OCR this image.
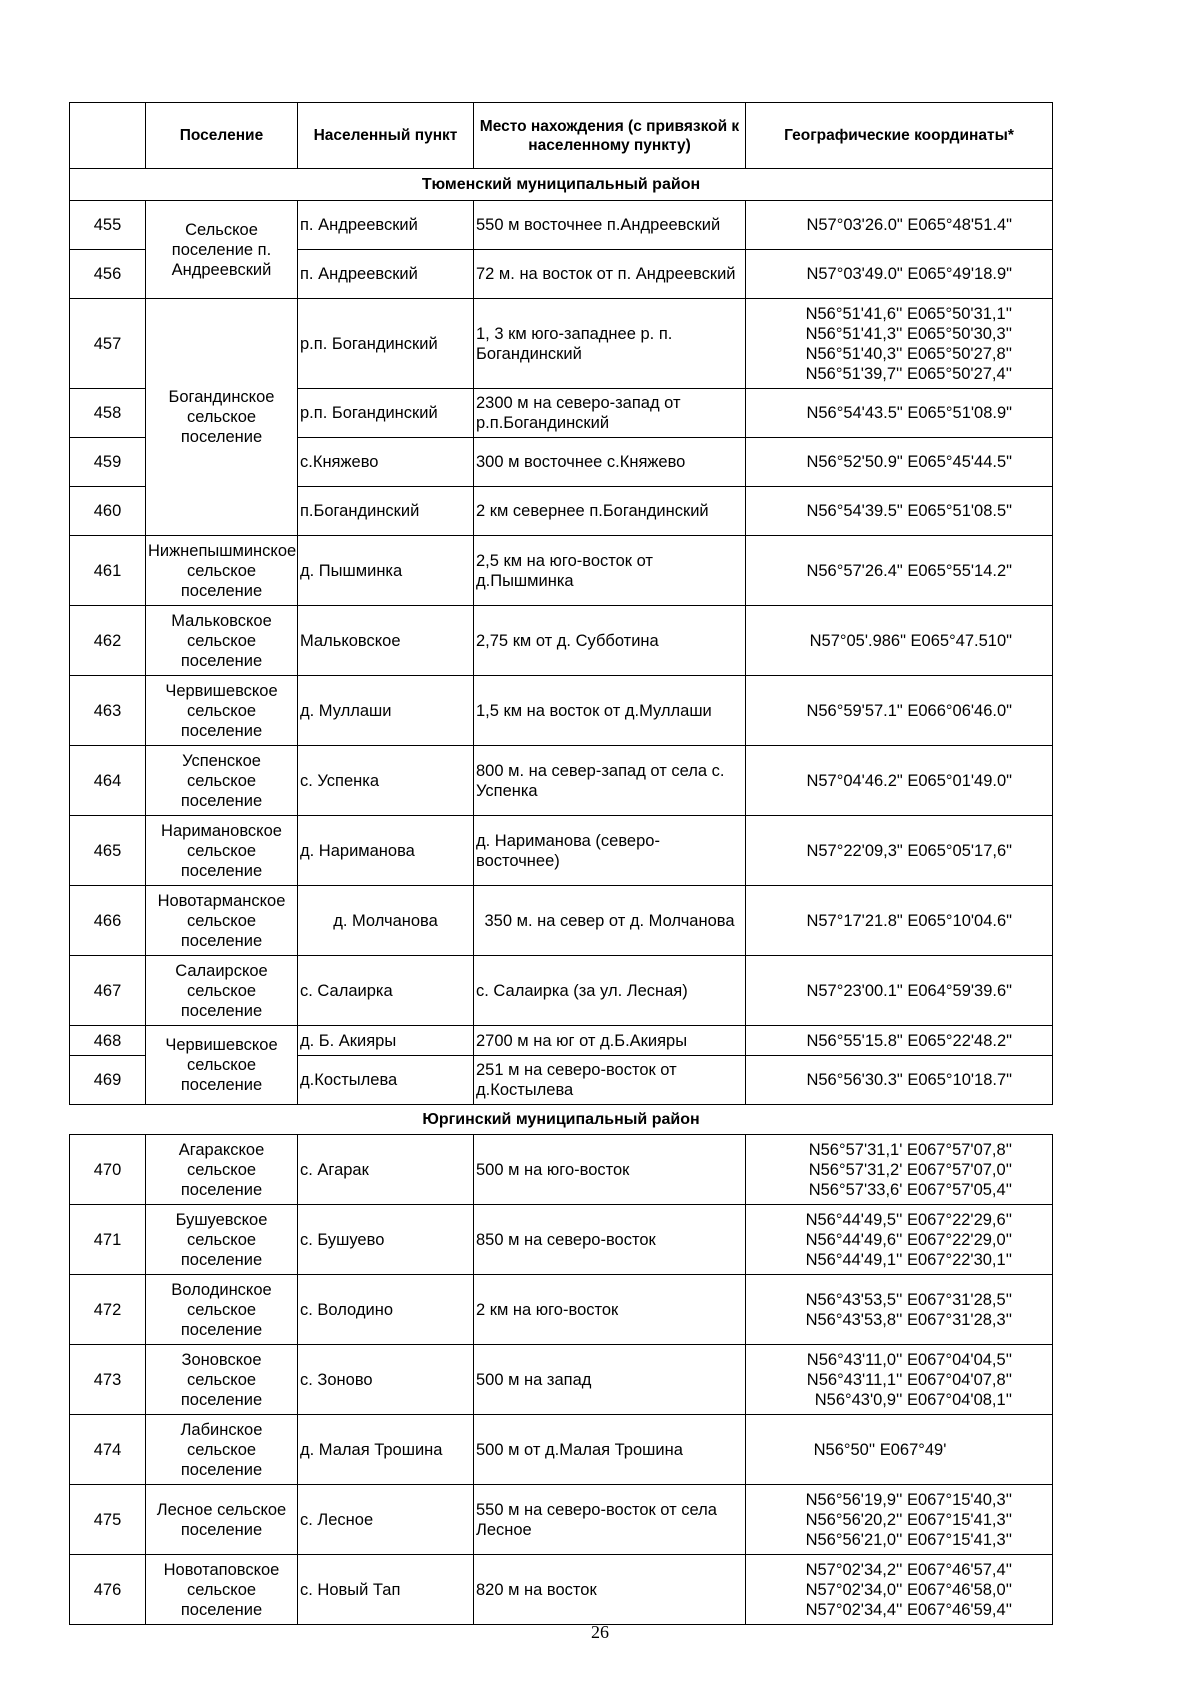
	Поселение	Населенный пункт	Место нахождения (с привязкой к населенному пункту)	Географические координаты*
Тюменский муниципальный район				
455	Сельское поселение п. Андреевский	п. Андреевский	550 м восточнее п.Андреевский	N57°03'26.0" E065°48'51.4"

456		п. Андреевский	72 м. на восток от п. Андреевский	N57°03'49.0" E065°49'18.9"

457	Богандинское сельское поселение	р.п. Богандинский	1, 3 км юго-западнее р. п. Богандинский	N56°51'41,6'' E065°50'31,1''
N56°51'41,3'' E065°50'30,3''
N56°51'40,3'' E065°50'27,8''
N56°51'39,7'' E065°50'27,4''

458		р.п. Богандинский	2300 м на северо-запад от р.п.Богандинский	N56°54'43.5" E065°51'08.9"

459		с.Княжево	300 м восточнее с.Княжево	N56°52'50.9" E065°45'44.5"

460		п.Богандинский	2 км севернее п.Богандинский	N56°54'39.5" E065°51'08.5"

461	Нижнепышминское сельское поселение	д. Пышминка	2,5 км на юго-восток от д.Пышминка	N56°57'26.4" E065°55'14.2"

462	Мальковское сельское поселение	Мальковское	2,75 км от д. Субботина	N57°05'.986" E065°47.510"

463	Червишевское сельское поселение	д. Муллаши	1,5 км на восток от д.Муллаши	N56°59'57.1" E066°06'46.0"

464	Успенское сельское поселение	с. Успенка	800 м. на север-запад от села с. Успенка	N57°04'46.2" E065°01'49.0"

465	Наримановское сельское поселение	д. Нариманова	д. Нариманова (северо-восточнее)	N57°22'09,3" E065°05'17,6"

466	Новотарманское сельское поселение	д. Молчанова	350 м. на север от д. Молчанова	N57°17'21.8" E065°10'04.6"

467	Салаирское сельское поселение	с. Салаирка	с. Салаирка (за ул. Лесная)	N57°23'00.1" E064°59'39.6"

468	Червишевское сельское поселение	д. Б. Акияры	2700 м на юг от д.Б.Акияры	N56°55'15.8" E065°22'48.2"

469		д.Костылева	251 м на северо-восток от д.Костылева	N56°56'30.3" E065°10'18.7"

Юргинский муниципальный район				
470	Агаракское сельское поселение	с. Агарак	500 м на юго-восток	N56°57'31,1' E067°57'07,8''
N56°57'31,2' E067°57'07,0''
N56°57'33,6' E067°57'05,4''

471	Бушуевское сельское поселение	с. Бушуево	850 м на северо-восток	N56°44'49,5'' E067°22'29,6''
N56°44'49,6'' E067°22'29,0''
N56°44'49,1'' E067°22'30,1''

472	Володинское сельское поселение	с. Володино	2 км на юго-восток	N56°43'53,5'' E067°31'28,5''
N56°43'53,8'' E067°31'28,3''

473	Зоновское сельское поселение	с. Зоново	500 м на запад	N56°43'11,0'' E067°04'04,5''
N56°43'11,1'' E067°04'07,8''
N56°43'0,9'' E067°04'08,1''

474	Лабинское сельское поселение	д. Малая Трошина	500 м от д.Малая Трошина	N56°50'' E067°49'

475	Лесное сельское поселение	с. Лесное	550 м на северо-восток от села Лесное	N56°56'19,9'' E067°15'40,3''
N56°56'20,2'' E067°15'41,3''
N56°56'21,0'' E067°15'41,3''

476	Новотаповское сельское поселение	с. Новый Тап	820 м на восток	N57°02'34,2'' E067°46'57,4''
N57°02'34,0'' E067°46'58,0''
N57°02'34,4'' E067°46'59,4''
26
